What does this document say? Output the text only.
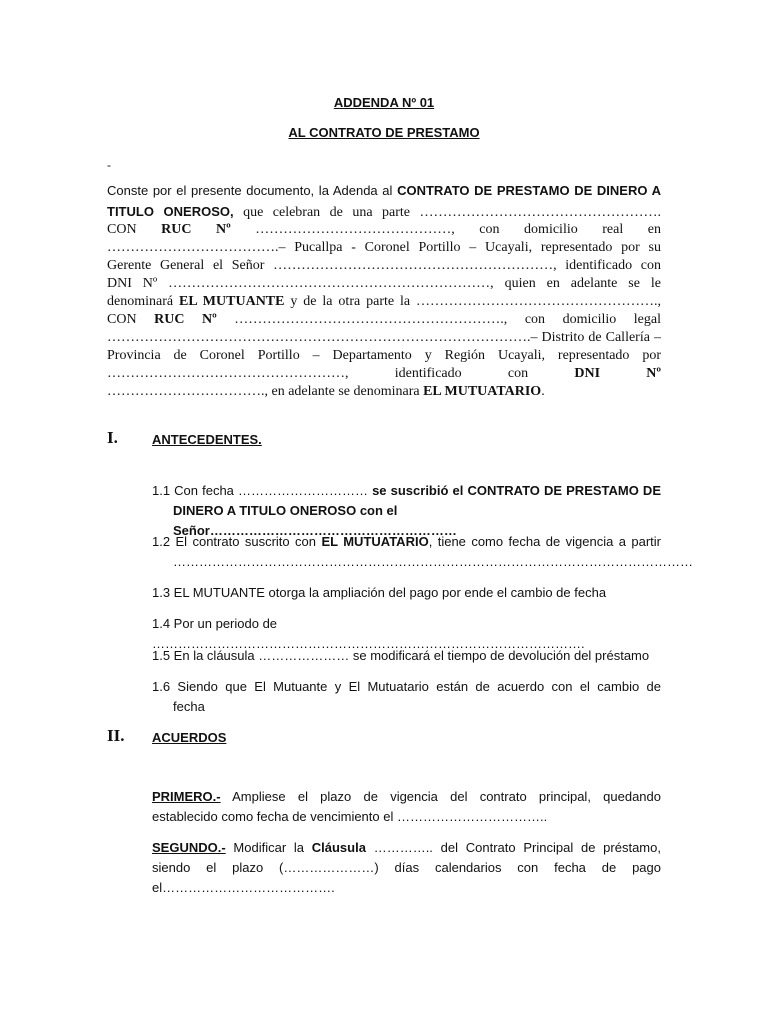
ADDENDA Nº 01
AL CONTRATO DE PRESTAMO
-
Conste por el presente documento, la Adenda al CONTRATO DE PRESTAMO DE DINERO A
TITULO ONEROSO, que celebran de una parte …………………………………………….
CON RUC Nº ……………………………………, con domicilio real en
……………………………….– Pucallpa - Coronel Portillo – Ucayali, representado por su
Gerente General el Señor ……………………………………………………, identificado con
DNI Nº ……………………………………………………………, quien en adelante se le
denominará EL MUTUANTE y de la otra parte la …………………………………………….,
CON RUC Nº …………………………………………………., con domicilio legal
……………………………………………………………………………….– Distrito de Callería –
Provincia de Coronel Portillo – Departamento y Región Ucayali, representado por
……………………………………………, identificado con DNI Nº
……………………………., en adelante se denominara EL MUTUATARIO.
I.	ANTECEDENTES.
1.1 Con fecha ………………………… se suscribió el CONTRATO DE PRESTAMO DE
DINERO A TITULO ONEROSO con el Señor…………………………………………………
1.2 El contrato suscrito con EL MUTUATARIO, tiene como fecha de vigencia a partir
…………………………………………………………………………………………………………
1.3 EL MUTUANTE otorga la ampliación del pago por ende el cambio de fecha
1.4 Por un periodo de ……………………………………………………………………………………….
1.5 En la cláusula ………………… se modificará el tiempo de devolución del préstamo
1.6 Siendo que El Mutuante y El Mutuatario están de acuerdo con el cambio de
fecha
II. ACUERDOS
PRIMERO.- Ampliese el plazo de vigencia del contrato principal, quedando
establecido como fecha de vencimiento el ……………………………..
SEGUNDO.- Modificar la Cláusula ………….. del Contrato Principal de préstamo,
siendo el plazo (…………………) días calendarios con fecha de pago
el………………………………….
